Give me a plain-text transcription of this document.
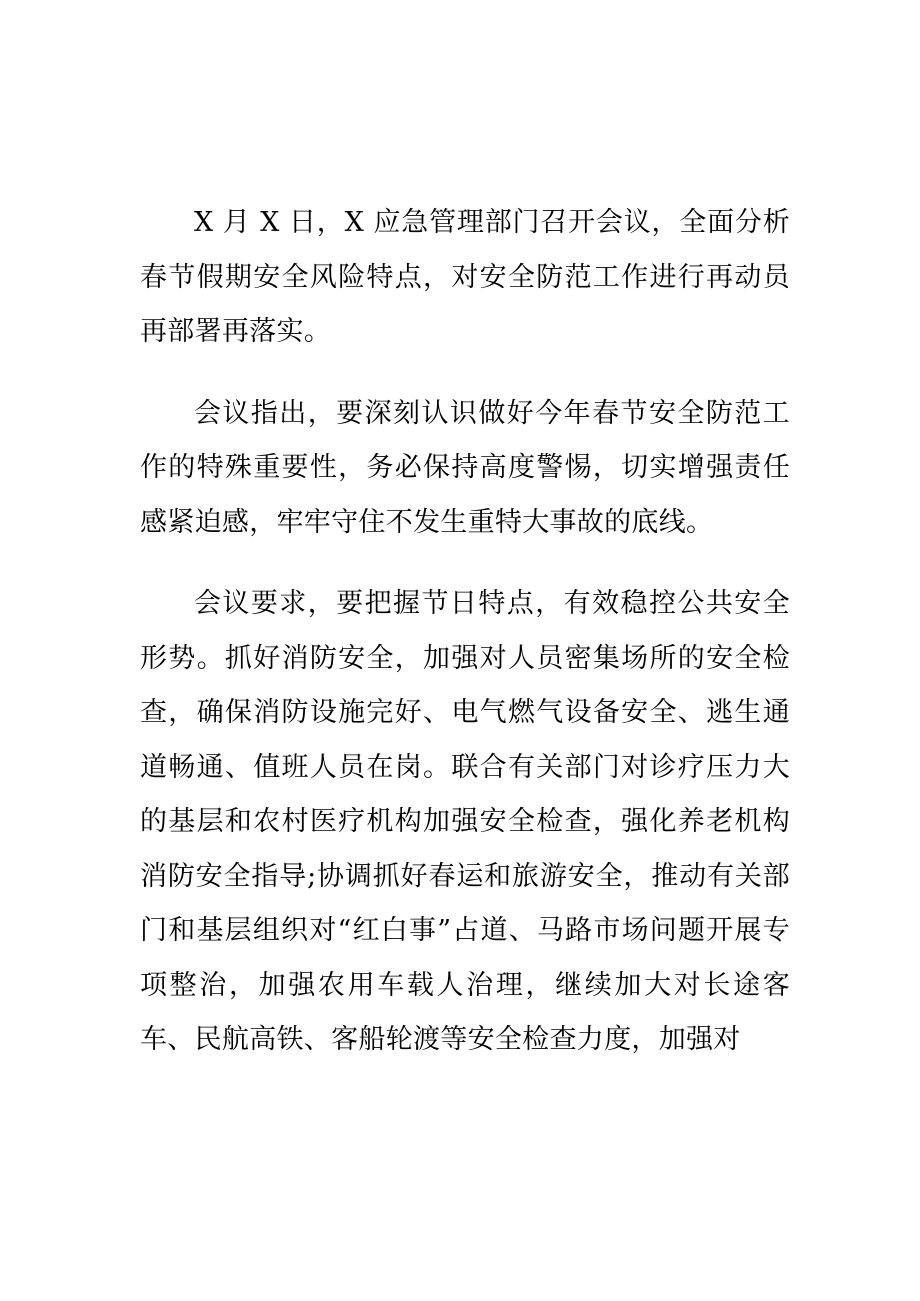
X 月 X 日，X 应急管理部门召开会议，全面分析春节假期安全风险特点，对安全防范工作进行再动员再部署再落实。

会议指出，要深刻认识做好今年春节安全防范工作的特殊重要性，务必保持高度警惕，切实增强责任感紧迫感，牢牢守住不发生重特大事故的底线。

会议要求，要把握节日特点，有效稳控公共安全形势。抓好消防安全，加强对人员密集场所的安全检查，确保消防设施完好、电气燃气设备安全、逃生通道畅通、值班人员在岗。联合有关部门对诊疗压力大的基层和农村医疗机构加强安全检查，强化养老机构消防安全指导;协调抓好春运和旅游安全，推动有关部门和基层组织对“红白事”占道、马路市场问题开展专项整治，加强农用车载人治理，继续加大对长途客车、民航高铁、客船轮渡等安全检查力度，加强对
